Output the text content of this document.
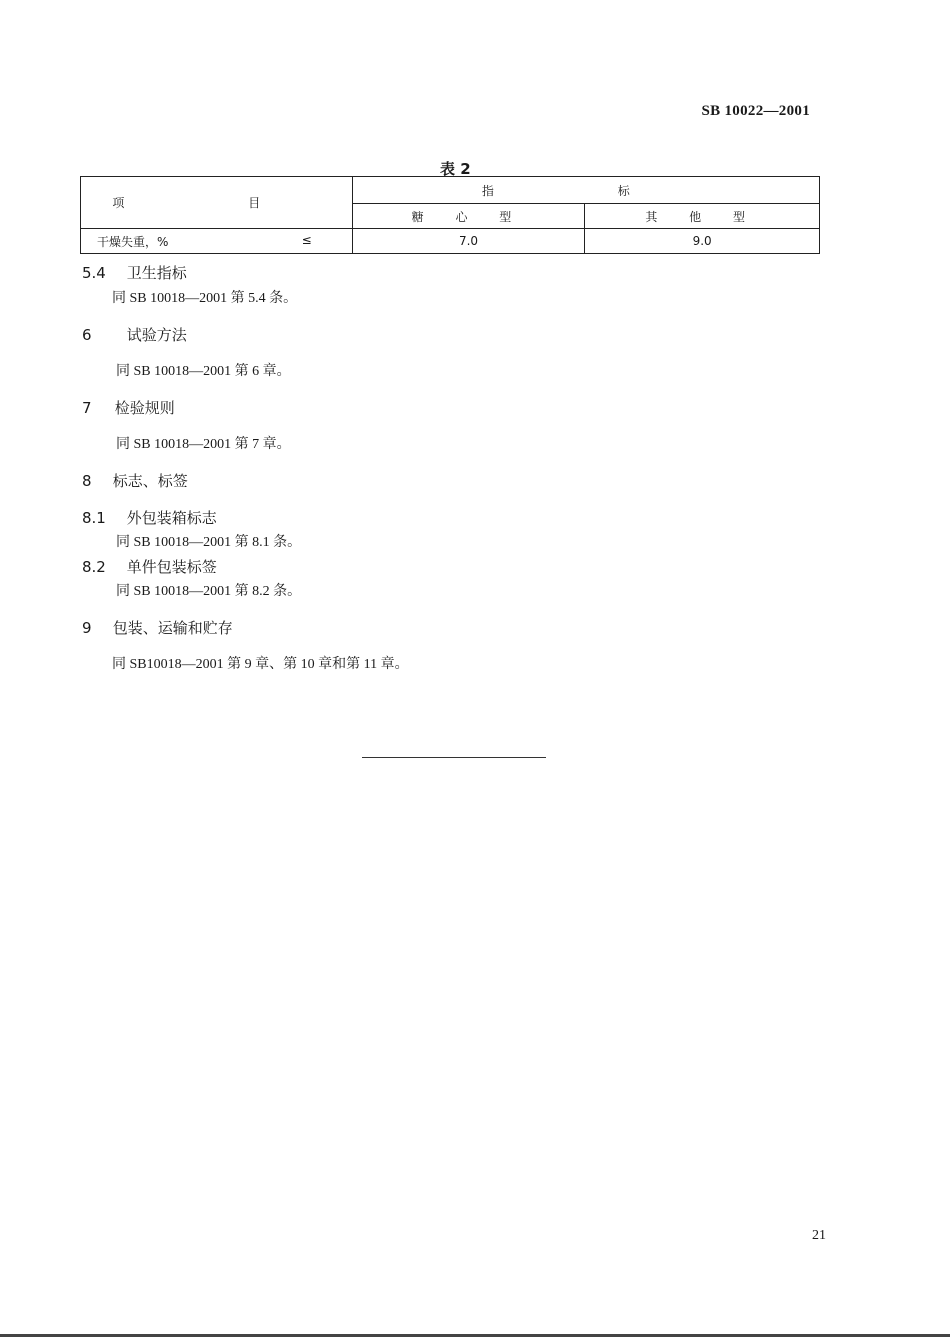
SB 10022—2001
表 2
项 目	指 标	
	糖 心 型	其 他 型
干燥失重，% ≤	7.0	9.0
5.4 卫生指标
同 SB 10018—2001 第 5.4 条。
6 试验方法
同 SB 10018—2001 第 6 章。
7 检验规则
同 SB 10018—2001 第 7 章。
8 标志、标签
8.1 外包装箱标志
同 SB 10018—2001 第 8.1 条。
8.2 单件包装标签
同 SB 10018—2001 第 8.2 条。
9 包装、运输和贮存
同 SB10018—2001 第 9 章、第 10 章和第 11 章。
21
